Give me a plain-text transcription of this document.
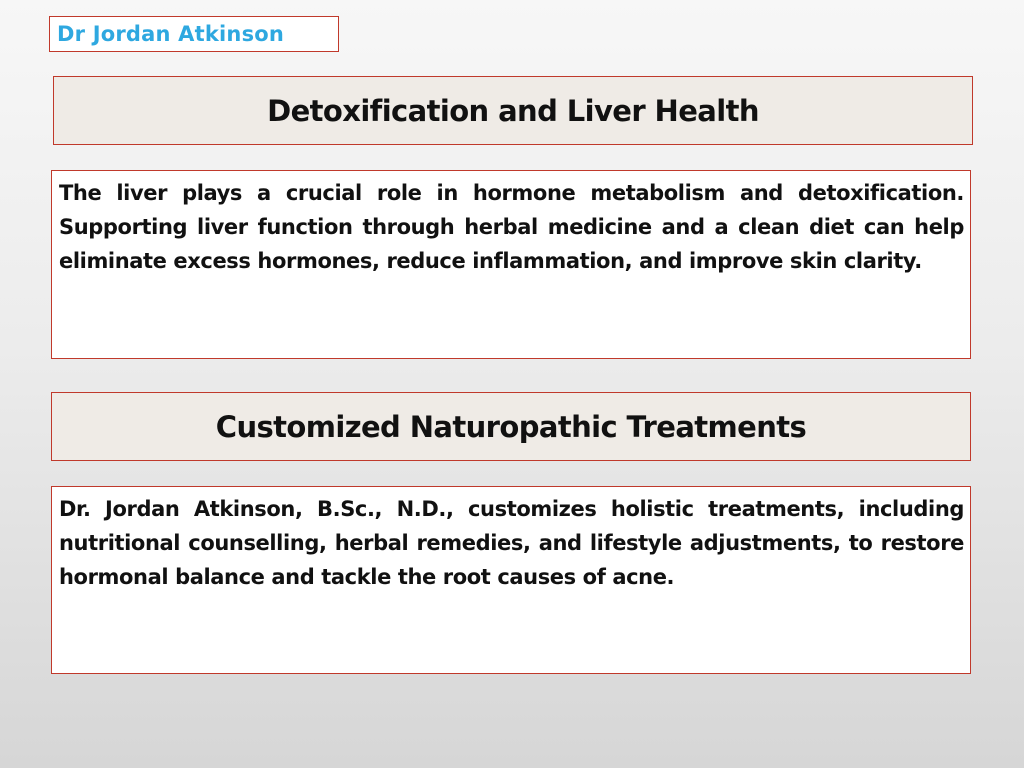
Dr Jordan Atkinson
Detoxification and Liver Health

The liver plays a crucial role in hormone metabolism and detoxification. Supporting liver function through herbal medicine and a clean diet can help eliminate excess hormones, reduce inflammation, and improve skin clarity.

Customized Naturopathic Treatments

Dr. Jordan Atkinson, B.Sc., N.D., customizes holistic treatments, including nutritional counselling, herbal remedies, and lifestyle adjustments, to restore hormonal balance and tackle the root causes of acne.
